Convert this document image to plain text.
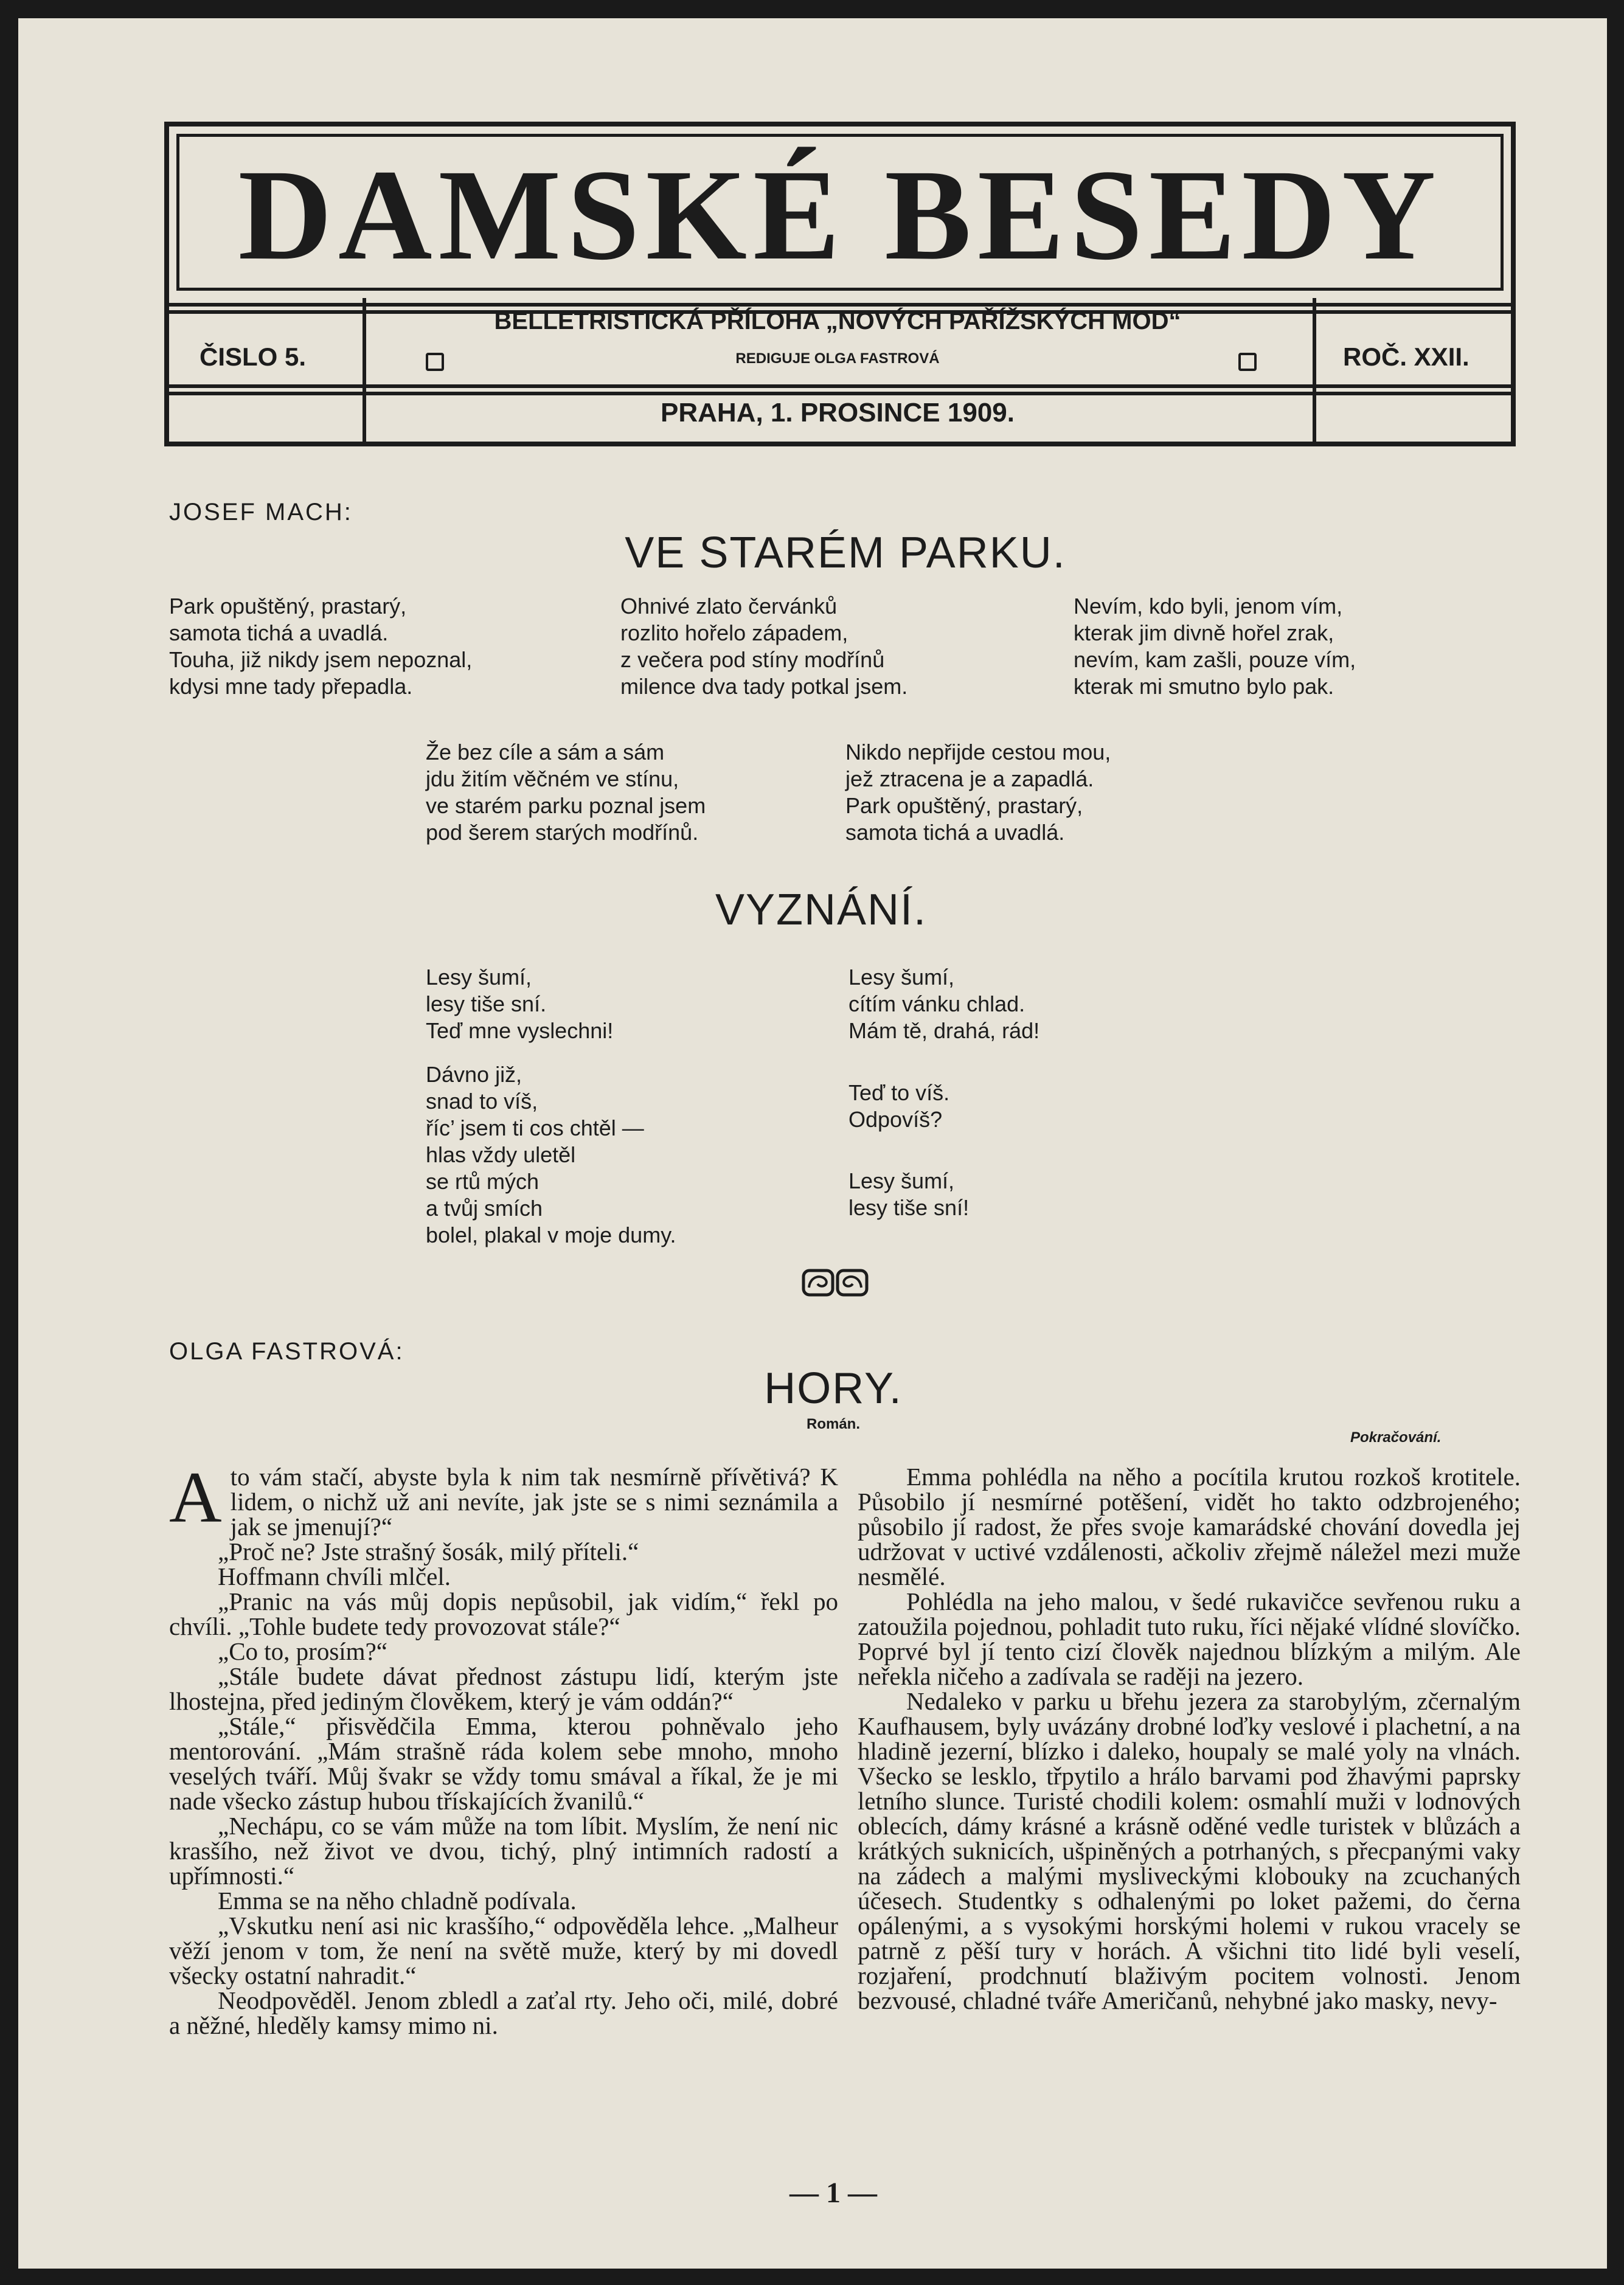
DAMSKÉ BESEDY
ČISLO 5.
BELLETRISTICKÁ PŘÍLOHA „NOVÝCH PAŘÍŽSKÝCH MOD“
REDIGUJE OLGA FASTROVÁ	ROČ. XXII.
PRAHA, 1. PROSINCE 1909.
JOSEF MACH:
VE STARÉM PARKU.
Park opuštěný, prastarý,
samota tichá a uvadlá.
Touha, již nikdy jsem nepoznal,
kdysi mne tady přepadla.
Ohnivé zlato červánků
rozlito hořelo západem,
z večera pod stíny modřínů
milence dva tady potkal jsem.
Nevím, kdo byli, jenom vím,
kterak jim divně hořel zrak,
nevím, kam zašli, pouze vím,
kterak mi smutno bylo pak.
Že bez cíle a sám a sám
jdu žitím věčném ve stínu,
ve starém parku poznal jsem
pod šerem starých modřínů.
Nikdo nepřijde cestou mou,
jež ztracena je a zapadlá.
Park opuštěný, prastarý,
samota tichá a uvadlá.
VYZNÁNÍ.
Lesy šumí,
lesy tiše sní.
Teď mne vyslechni!
Dávno již,
snad to víš,
říc’ jsem ti cos chtěl —
hlas vždy uletěl
se rtů mých
a tvůj smích
bolel, plakal v moje dumy.
Lesy šumí,
cítím vánku chlad.
Mám tě, drahá, rád!
Teď to víš.
Odpovíš?
Lesy šumí,
lesy tiše sní!
OLGA FASTROVÁ:
HORY.
Román.
Pokračování.

Ato vám stačí, abyste byla k nim tak nesmírně přívětivá? K lidem, o nichž už ani nevíte, jak jste se s nimi seznámila a jak se jmenují?“

„Proč ne? Jste strašný šosák, milý příteli.“

Hoffmann chvíli mlčel.

„Pranic na vás můj dopis nepůsobil, jak vidím,“ řekl po chvíli. „Tohle budete tedy provozovat stále?“

„Co to, prosím?“

„Stále budete dávat přednost zástupu lidí, kterým jste lhostejna, před jediným člověkem, který je vám oddán?“

„Stále,“ přisvědčila Emma, kterou pohněvalo jeho mentorování. „Mám strašně ráda kolem sebe mnoho, mnoho veselých tváří. Můj švakr se vždy tomu smával a říkal, že je mi nade všecko zástup hubou třískajících žvanilů.“

„Nechápu, co se vám může na tom líbit. Myslím, že není nic krasšího, než život ve dvou, tichý, plný intimních radostí a upřímnosti.“

Emma se na něho chladně podívala.

„Vskutku není asi nic krasšího,“ odpověděla lehce. „Malheur věží jenom v tom, že není na světě muže, který by mi dovedl všecky ostatní nahradit.“

Neodpověděl. Jenom zbledl a zaťal rty. Jeho oči, milé, dobré a něžné, hleděly kamsy mimo ni.

Emma pohlédla na něho a pocítila krutou rozkoš krotitele. Působilo jí nesmírné potěšení, vidět ho takto odzbrojeného; působilo jí radost, že přes svoje kamarádské chování dovedla jej udržovat v uctivé vzdálenosti, ačkoliv zřejmě náležel mezi muže nesmělé.

Pohlédla na jeho malou, v šedé rukavičce sevřenou ruku a zatoužila pojednou, pohladit tuto ruku, říci nějaké vlídné slovíčko. Poprvé byl jí tento cizí člověk najednou blízkým a milým. Ale neřekla ničeho a zadívala se raději na jezero.

Nedaleko v parku u břehu jezera za starobylým, zčernalým Kaufhausem, byly uvázány drobné loďky veslové i plachetní, a na hladině jezerní, blízko i daleko, houpaly se malé yoly na vlnách. Všecko se lesklo, třpytilo a hrálo barvami pod žhavými paprsky letního slunce. Turisté chodili kolem: osmahlí muži v lodnových oblecích, dámy krásné a krásně oděné vedle turistek v blůzách a krátkých suknicích, ušpiněných a potrhaných, s přecpanými vaky na zádech a malými mysliveckými klobouky na zcuchaných účesech. Studentky s odhalenými po loket pažemi, do černa opálenými, a s vysokými horskými holemi v rukou vracely se patrně z pěší tury v horách. A všichni tito lidé byli veselí, rozjaření, prodchnutí blaživým pocitem volnosti. Jenom bezvousé, chladné tváře Američanů, nehybné jako masky, nevy-

— 1 —
